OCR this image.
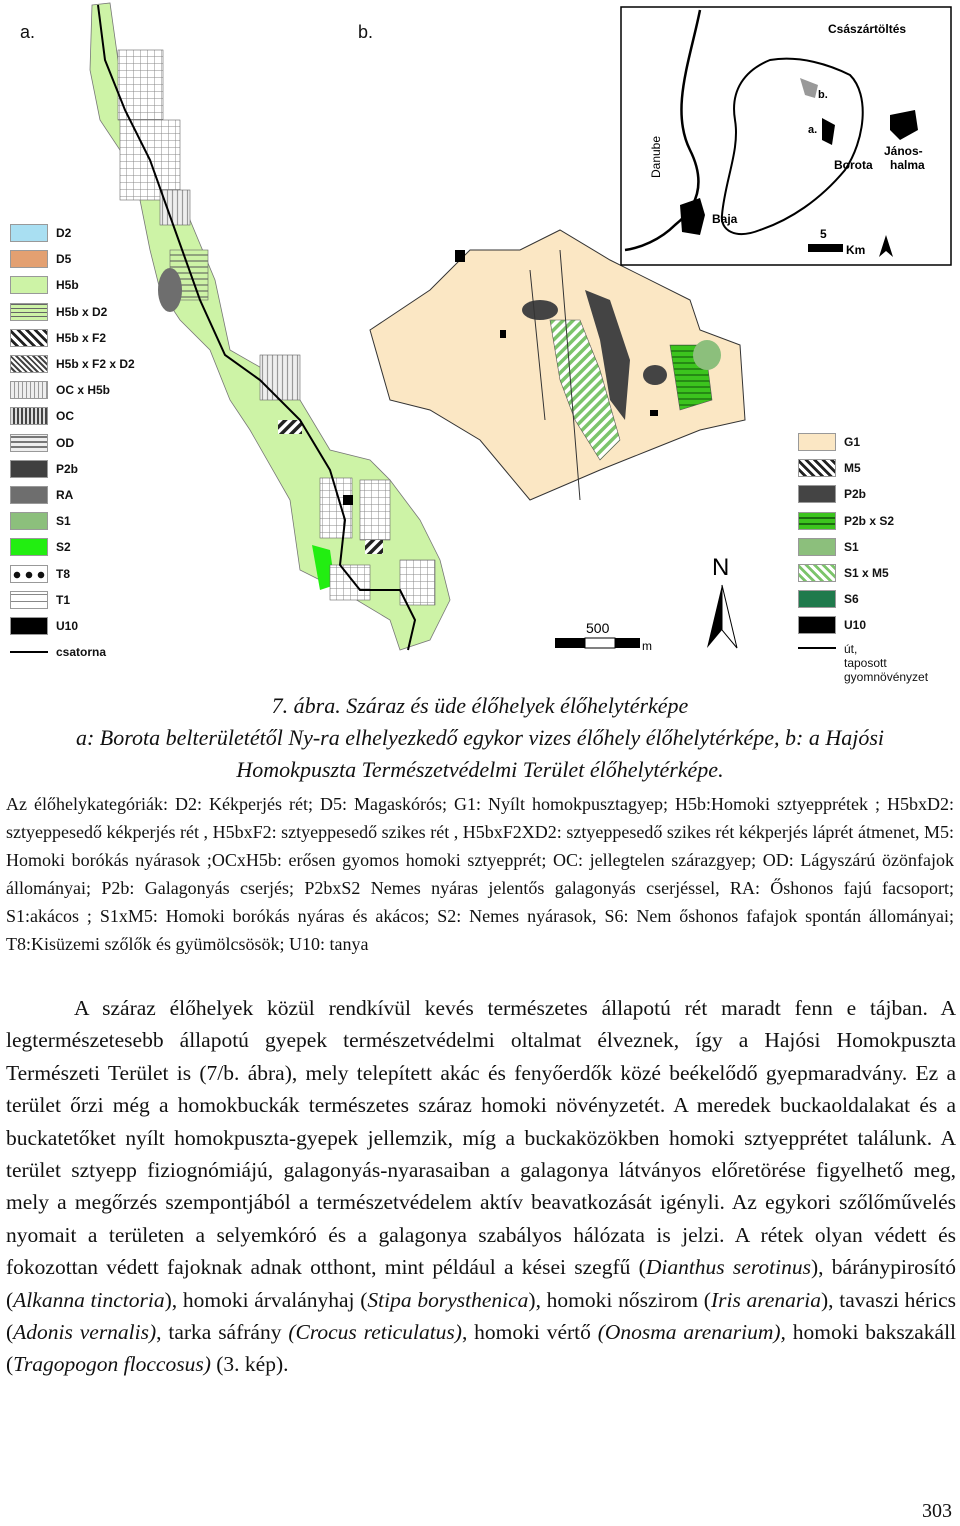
a.	b.
500
m
N
Császártöltés
Danube
b.
a.
Borota
János-
halma
Baja
5
Km
D2
D5
H5b
H5b x D2
H5b x F2
H5b x F2 x D2
OC x H5b
OC
OD
P2b
RA
S1
S2
T8
T1
U10
csatorna
G1
M5
P2b
P2b x S2
S1
S1 x M5
S6
U10
út,
taposott
gyomnövényzet
7. ábra. Száraz és üde élőhelyek élőhelytérképe
a: Borota belterületétől Ny-ra elhelyezkedő egykor vizes élőhely élőhelytérképe, b: a Hajósi
Homokpuszta Természetvédelmi Terület élőhelytérképe.
Az élőhelykategóriák: D2: Kékperjés rét; D5: Magaskórós; G1: Nyílt homokpusztagyep; H5b:Homoki sztyepprétek ; H5bxD2: sztyeppesedő kékperjés rét , H5bxF2: sztyeppesedő szikes rét , H5bxF2XD2: sztyeppesedő szikes rét kékperjés láprét átmenet, M5: Homoki borókás nyárasok ;OCxH5b: erősen gyomos homoki sztyepprét; OC: jellegtelen szárazgyep; OD: Lágyszárú özönfajok állományai; P2b: Galagonyás cserjés; P2bxS2 Nemes nyáras jelentős galagonyás cserjéssel, RA: Őshonos fajú facsoport; S1:akácos ; S1xM5: Homoki borókás nyáras és akácos; S2: Nemes nyárasok, S6: Nem őshonos fafajok spontán állományai; T8:Kisüzemi szőlők és gyümölcsösök; U10: tanya

A száraz élőhelyek közül rendkívül kevés természetes állapotú rét maradt fenn e tájban. A legtermészetesebb állapotú gyepek természetvédelmi oltalmat élveznek, így a Hajósi Homokpuszta Természeti Terület is (7/b. ábra), mely telepített akác és fenyőerdők közé beékelődő gyepmaradvány. Ez a terület őrzi még a homokbuckák természetes száraz homoki növényzetét. A meredek buckaoldalakat és a buckatetőket nyílt homokpuszta-gyepek jellemzik, míg a buckaközökben homoki sztyepprétet találunk. A terület sztyepp fiziognómiájú, galagonyás-nyarasaiban a galagonya látványos előretörése figyelhető meg, mely a megőrzés szempontjából a természetvédelem aktív beavatkozását igényli. Az egykori szőlőművelés nyomait a területen a selyemkóró és a galagonya szabályos hálózata is jelzi. A rétek olyan védett és fokozottan védett fajoknak adnak otthont, mint például a kései szegfű (Dianthus serotinus), báránypirosító (Alkanna tinctoria), homoki árvalányhaj (Stipa borysthenica), homoki nőszirom (Iris arenaria), tavaszi hérics (Adonis vernalis), tarka sáfrány (Crocus reticulatus), homoki vértő (Onosma arenarium), homoki bakszakáll (Tragopogon floccosus) (3. kép).

303
